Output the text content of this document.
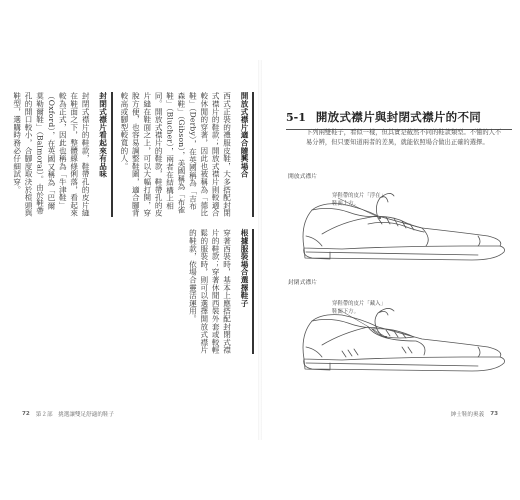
開放式襟片適合隨興場合

西式正裝的禮服皮鞋，大多搭配封閉式襟片的鞋款；開放式襟片則較適合較休閒的穿著，因此也被稱為「德比鞋」（Derby），在英國稱為「吉布森鞋」（Gibson），美國稱為「布雀鞋」（Blucher），兩者在結構上相同。開放式襟片的鞋款，鞋帶孔的皮片縫在鞋面之上，可以大幅打開，穿脫方便，也容易調整鞋圍，適合腳背較高或腳型較寬的人。

封閉式襟片看起來有品味

封閉式襟片的鞋款，鞋帶孔的皮片縫在鞋面之下，整體線條俐落，看起來較為正式，因此也稱為「牛津鞋」（Oxford），在英國又稱為「巴爾莫勒爾鞋」（Balmoral）。由於鞋帶孔的開口較小，合腳度取決於楦頭與鞋型，選購時務必仔細試穿。

根據服裝場合選擇鞋子

穿著西裝時，基本上應搭配封閉式襟片的鞋款；穿著休閒西裝外套或較輕鬆的服裝時，則可以選擇開放式襟片的鞋款，依場合靈活運用。

72 第２部　挑選讓雙足舒適的鞋子
5-1 開放式襟片與封閉式襟片的不同
下列兩雙鞋子，看似一樣，但其實是截然不同的鞋款類型。不懂的人不易分辨，但只要知道兩者的差異，就能依照場合做出正確的選擇。
開放式襟片
穿鞋帶的皮片「浮在」鞋面上方。
封閉式襟片
穿鞋帶的皮片「藏入」鞋面下方。
紳士鞋的奧義 73
